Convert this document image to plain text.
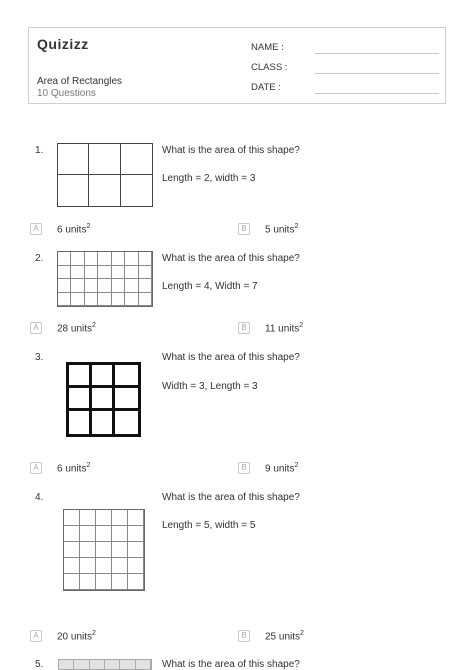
Quizizz
Area of Rectangles
10 Questions
NAME :
CLASS :
DATE :
1.	What is the area of this shape?
Length = 2, width = 3
A	6 units$^2$	B	5 units$^2$
2.	What is the area of this shape?
Length = 4, Width = 7
A	28 units$^2$	B	11 units$^2$
3.	What is the area of this shape?
Width = 3, Length = 3
A	6 units$^2$	B	9 units$^2$
4.	What is the area of this shape?
Length = 5, width = 5
A	20 units$^2$	B	25 units$^2$
5.	What is the area of this shape?
